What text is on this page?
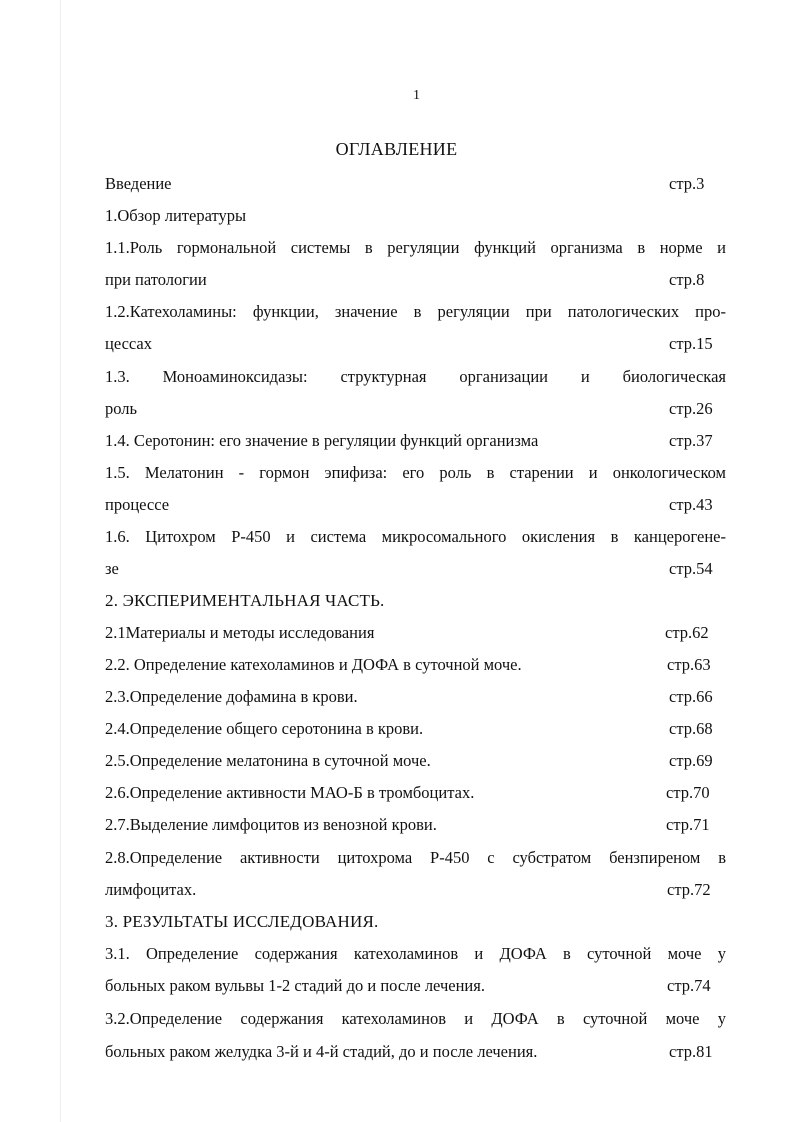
1
ОГЛАВЛЕНИЕ
Введение	стр.3
1.Обзор литературы
1.1.Роль гормональной системы в регуляции функций организма в норме и
при патологии	стр.8
1.2.Катехоламины: функции, значение в регуляции при патологических про-
цессах	стр.15
1.3. Моноаминоксидазы: структурная организации и биологическая
роль	стр.26
1.4. Серотонин: его значение в регуляции функций организма	стр.37
1.5. Мелатонин - гормон эпифиза: его роль в старении и онкологическом
процессе	стр.43
1.6. Цитохром Р-450 и система микросомального окисления в канцерогене-
зе	стр.54
2. ЭКСПЕРИМЕНТАЛЬНАЯ ЧАСТЬ.
2.1Материалы и методы исследования	стр.62
2.2. Определение катехоламинов и ДОФА в суточной моче.	стр.63
2.3.Определение дофамина в крови.	стр.66
2.4.Определение общего серотонина в крови.	стр.68
2.5.Определение мелатонина в суточной моче.	стр.69
2.6.Определение активности МАО-Б в тромбоцитах.	стр.70
2.7.Выделение лимфоцитов из венозной крови.	стр.71
2.8.Определение активности цитохрома Р-450 с субстратом бензпиреном в
лимфоцитах.	стр.72
3. РЕЗУЛЬТАТЫ ИССЛЕДОВАНИЯ.
3.1. Определение содержания катехоламинов и ДОФА в суточной моче у
больных раком вульвы 1-2 стадий до и после лечения.	стр.74
3.2.Определение содержания катехоламинов и ДОФА в суточной моче у
больных раком желудка 3-й и 4-й стадий, до и после лечения.	стр.81
